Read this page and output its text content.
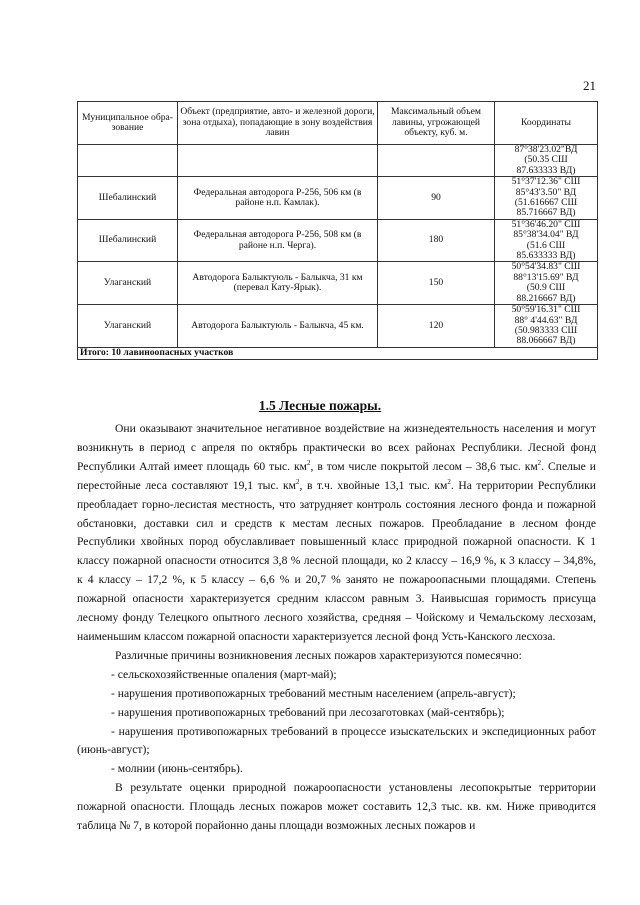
21
Муниципальное обра-зование	Объект (предприятие, авто- и железной дороги, зона отдыха), попадающие в зону воздействия лавин	Максимальный объем лавины, угрожающей объекту, куб. м.	Координаты

			87°38'23.02"ВД
(50.35 СШ
87.633333 ВД)

Шебалинский	Федеральная автодорога Р-256, 506 км (в районе н.п. Камлак).	90	51°37'12.36" СШ
85°43'3.50" ВД
(51.616667 СШ
85.716667 ВД)

Шебалинский	Федеральная автодорога Р-256, 508 км (в районе н.п. Черга).	180	51°36'46.20" СШ
85°38'34.04" ВД
(51.6 СШ
85.633333 ВД)

Улаганский	Автодорога Балыктуюль - Балыкча, 31 км (перевал Кату-Ярык).	150	50°54'34.83" СШ
88°13'15.69" ВД
(50.9 СШ
88.216667 ВД)

Улаганский	Автодорога Балыктуюль - Балыкча, 45 км.	120	50°59'16.31" СШ
88° 4'44.63" ВД
(50.983333 СШ
88.066667 ВД)

Итого: 10 лавиноопасных участков			
1.5 Лесные пожары.

Они оказывают значительное негативное воздействие на жизнедеятельность населения и могут возникнуть в период с апреля по октябрь практически во всех районах Республики. Лесной фонд Республики Алтай имеет площадь 60 тыс. $км^2$, в том числе покрытой лесом – 38,6 тыс. $км^2$. Спелые и перестойные леса составляют 19,1 тыс. $км^2$, в т.ч. хвойные 13,1 тыс. $км^2$. На территории Республики преобладает горно-лесистая местность, что затрудняет контроль состояния лесного фонда и пожарной обстановки, доставки сил и средств к местам лесных пожаров. Преобладание в лесном фонде Республики хвойных пород обуславливает повышенный класс природной пожарной опасности. К 1 классу пожарной опасности относится 3,8 % лесной площади, ко 2 классу – 16,9 %, к 3 классу – 34,8%, к 4 классу – 17,2 %, к 5 классу – 6,6 % и 20,7 % занято не пожароопасными площадями. Степень пожарной опасности характеризуется средним классом равным 3. Наивысшая горимость присуща лесному фонду Телецкого опытного лесного хозяйства, средняя – Чойскому и Чемальскому лесхозам, наименьшим классом пожарной опасности характеризуется лесной фонд Усть-Канского лесхоза.

Различные причины возникновения лесных пожаров характеризуются помесячно:

- сельскохозяйственные опаления (март-май);

- нарушения противопожарных требований местным населением (апрель-август);

- нарушения противопожарных требований при лесозаготовках (май-сентябрь);

- нарушения противопожарных требований в процессе изыскательских и экспедиционных работ (июнь-август);

- молнии (июнь-сентябрь).

В результате оценки природной пожароопасности установлены лесопокрытые территории пожарной опасности. Площадь лесных пожаров может составить 12,3 тыс. кв. км. Ниже приводится таблица № 7, в которой порайонно даны площади возможных лесных пожаров и
